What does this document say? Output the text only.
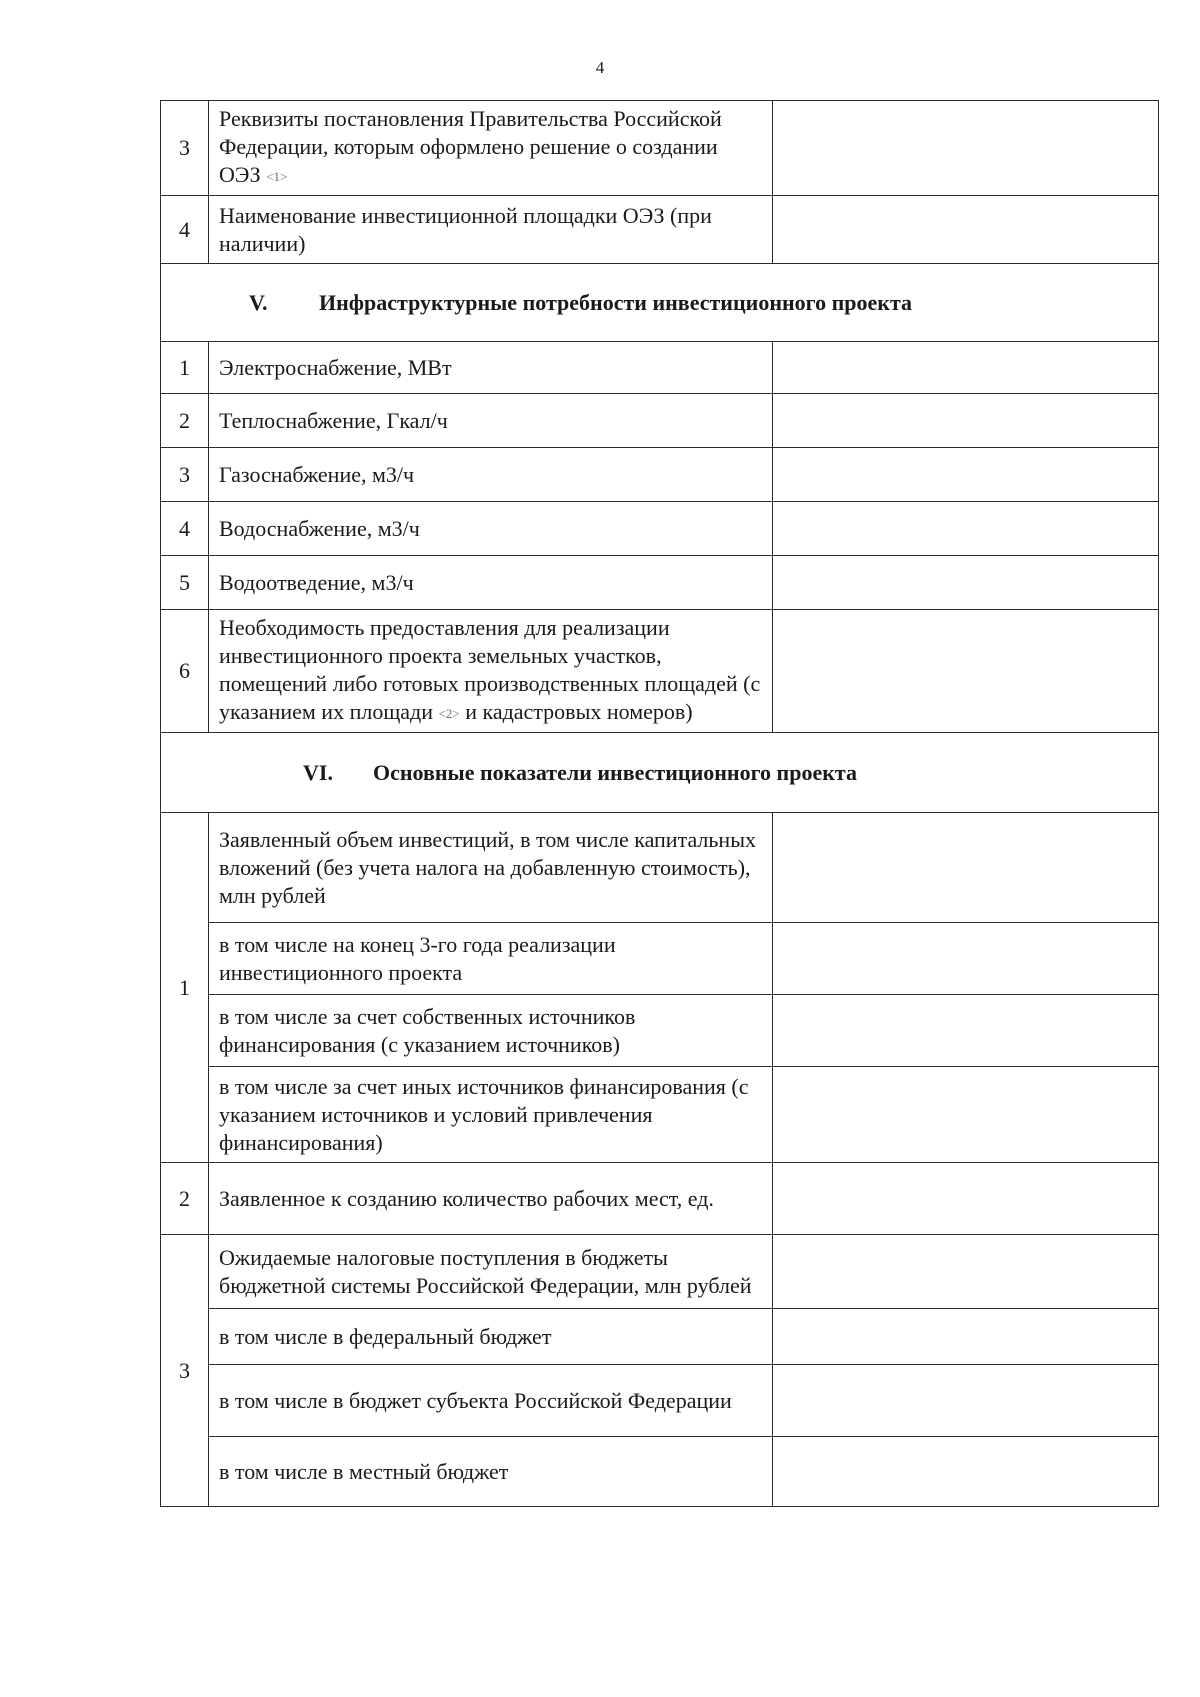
4
3	Реквизиты постановления Правительства Российской Федерации, которым оформлено решение о создании ОЭЗ <1>	
4	Наименование инвестиционной площадки ОЭЗ (при наличии)	
V. Инфраструктурные потребности инвестиционного проекта		
1	Электроснабжение, МВт	
2	Теплоснабжение, Гкал/ч	
3	Газоснабжение, м3/ч	
4	Водоснабжение, м3/ч	
5	Водоотведение, м3/ч	
6	Необходимость предоставления для реализации инвестиционного проекта земельных участков, помещений либо готовых производственных площадей (с указанием их площади <2> и кадастровых номеров)	
VI. Основные показатели инвестиционного проекта		
1	Заявленный объем инвестиций, в том числе капитальных вложений (без учета налога на добавленную стоимость), млн рублей	
	в том числе на конец 3-го года реализации инвестиционного проекта	
	в том числе за счет собственных источников финансирования (с указанием источников)	
	в том числе за счет иных источников финансирования (с указанием источников и условий привлечения финансирования)	
2	Заявленное к созданию количество рабочих мест, ед.	
3	Ожидаемые налоговые поступления в бюджеты бюджетной системы Российской Федерации, млн рублей	
	в том числе в федеральный бюджет	
	в том числе в бюджет субъекта Российской Федерации	
	в том числе в местный бюджет	
